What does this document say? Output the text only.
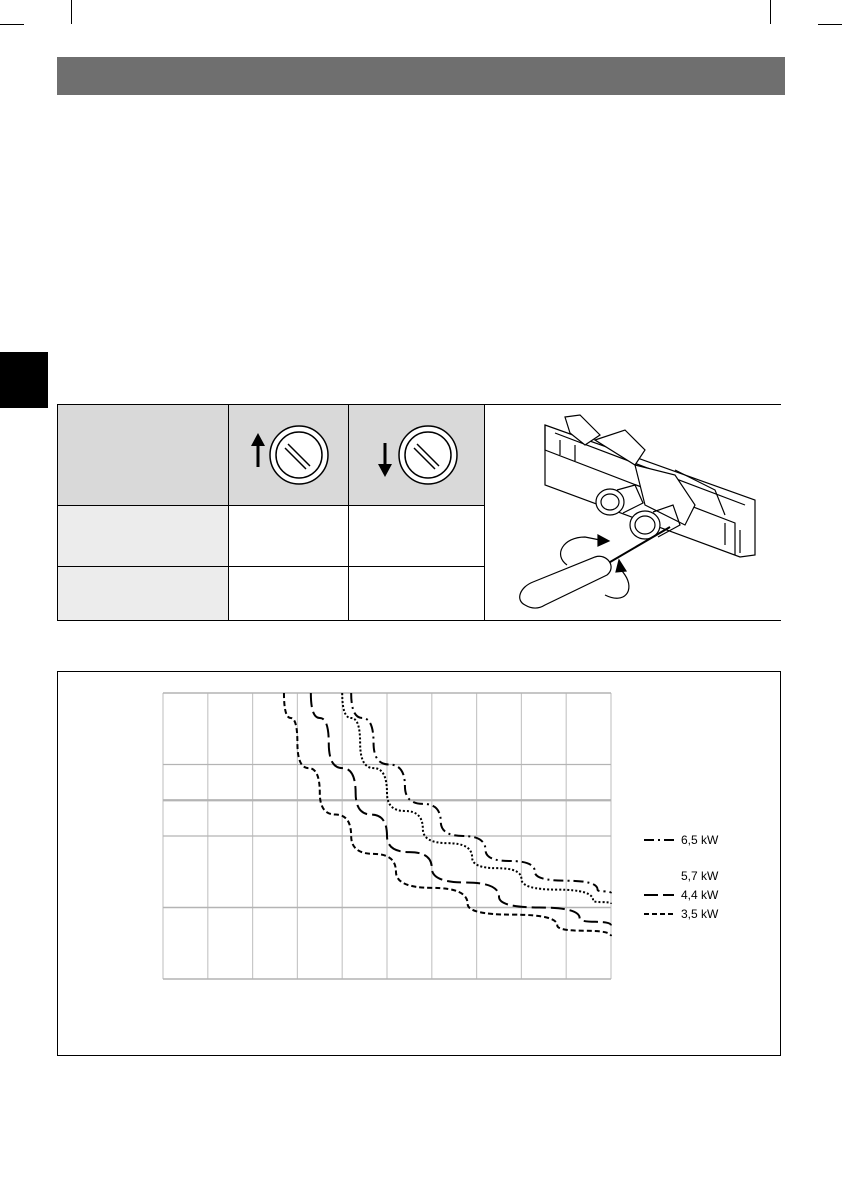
6,5 kW
5,7 kW
4,4 kW
3,5 kW
